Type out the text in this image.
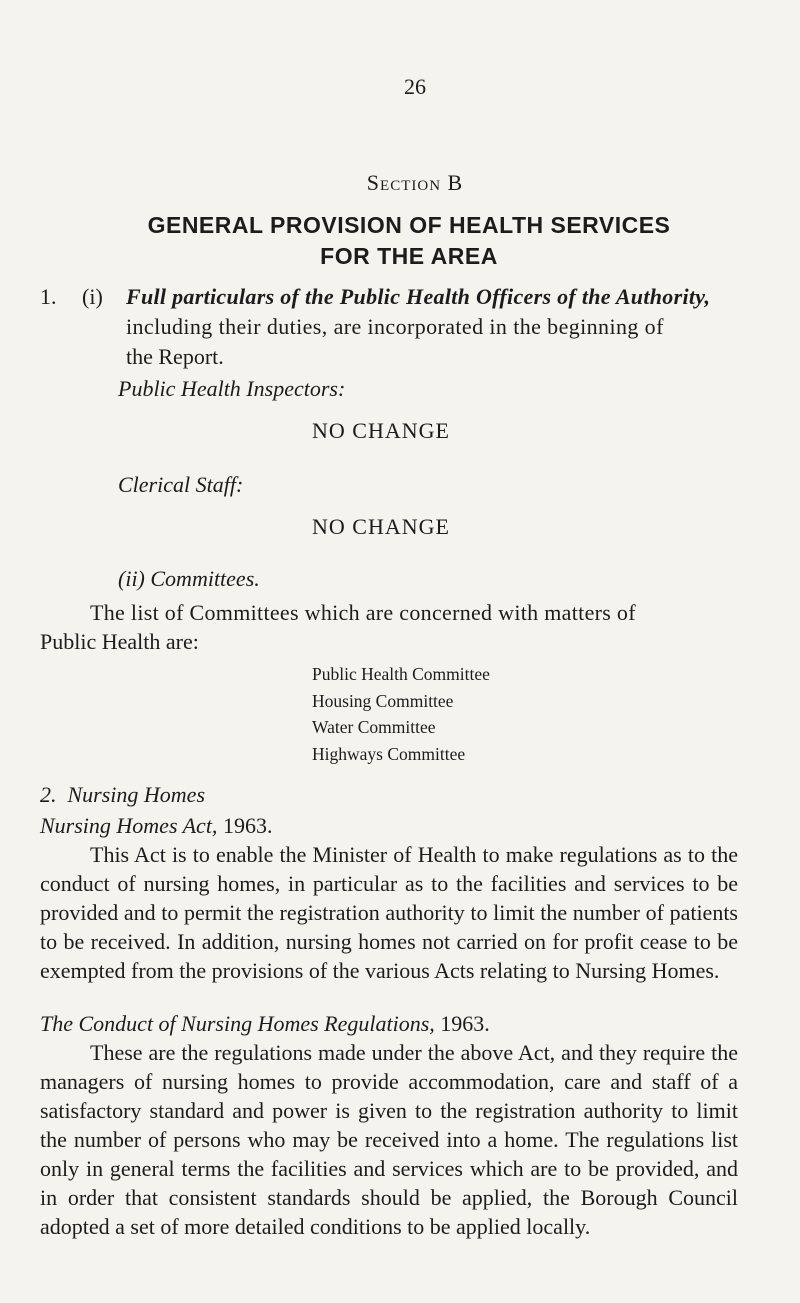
26
Section B
GENERAL PROVISION OF HEALTH SERVICES
FOR THE AREA
1. (i) Full particulars of the Public Health Officers of the Authority,
including their duties, are incorporated in the beginning of
the Report.
Public Health Inspectors:
NO CHANGE
Clerical Staff:
NO CHANGE
(ii) Committees.
The list of Committees which are concerned with matters of
Public Health are:
Public Health Committee
Housing Committee
Water Committee
Highways Committee
2.  Nursing Homes
Nursing Homes Act, 1963.
This Act is to enable the Minister of Health to make regulations as to the conduct of nursing homes, in particular as to the facilities and services to be provided and to permit the registration authority to limit the number of patients to be received. In addition, nursing homes not carried on for profit cease to be exempted from the provisions of the various Acts relating to Nursing Homes.
The Conduct of Nursing Homes Regulations, 1963.
These are the regulations made under the above Act, and they require the managers of nursing homes to provide accommodation, care and staff of a satisfactory standard and power is given to the registration authority to limit the number of persons who may be received into a home. The regulations list only in general terms the facilities and services which are to be provided, and in order that consistent standards should be applied, the Borough Council adopted a set of more detailed conditions to be applied locally.
